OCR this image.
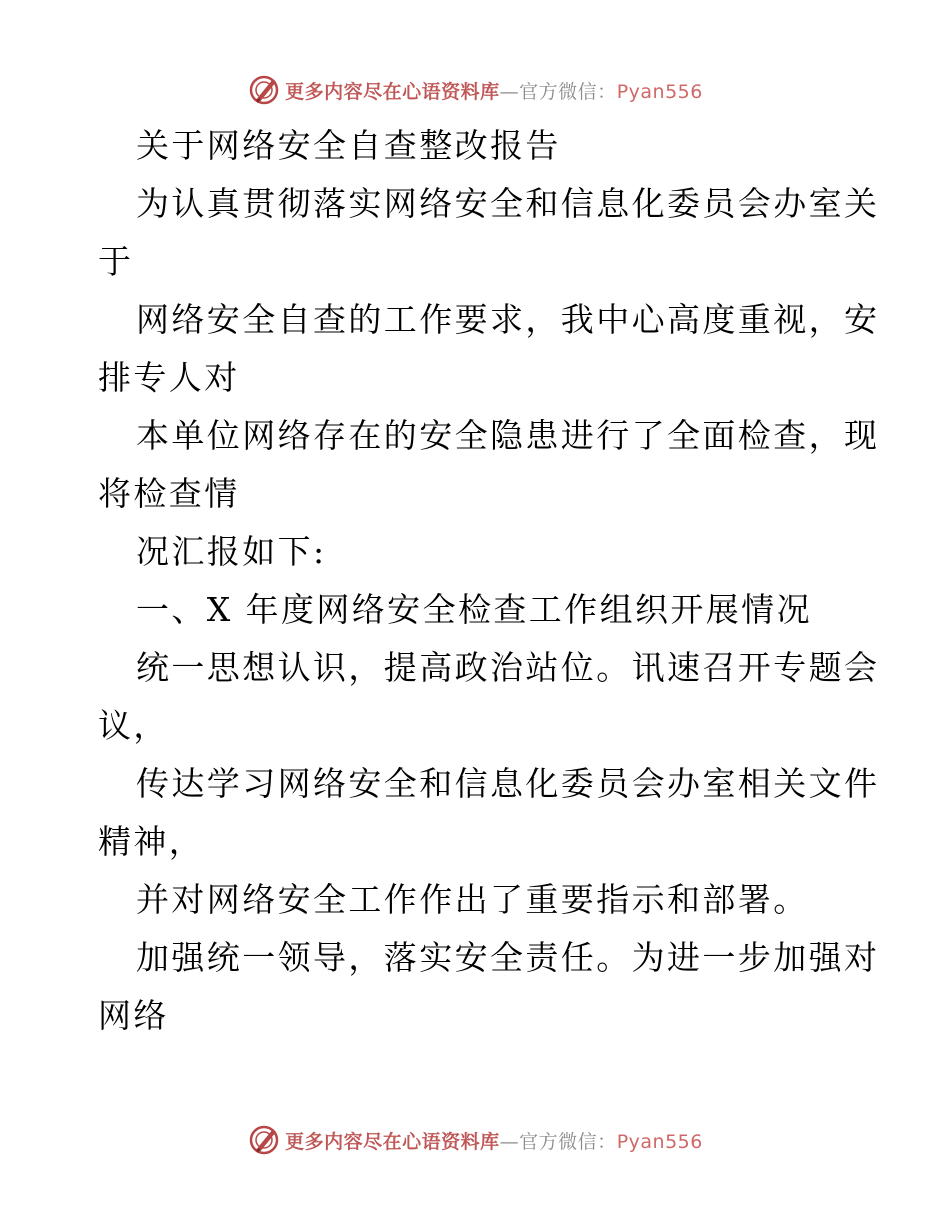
更多内容尽在心语资料库—官方微信：Pyan556
关于网络安全自查整改报告
为认真贯彻落实网络安全和信息化委员会办室关
于
网络安全自查的工作要求，我中心高度重视，安
排专人对
本单位网络存在的安全隐患进行了全面检查，现
将检查情
况汇报如下:
一、X 年度网络安全检查工作组织开展情况
统一思想认识，提高政治站位。讯速召开专题会
议，
传达学习网络安全和信息化委员会办室相关文件
精神，
并对网络安全工作作出了重要指示和部署。
加强统一领导，落实安全责任。为进一步加强对
网络
更多内容尽在心语资料库—官方微信：Pyan556
